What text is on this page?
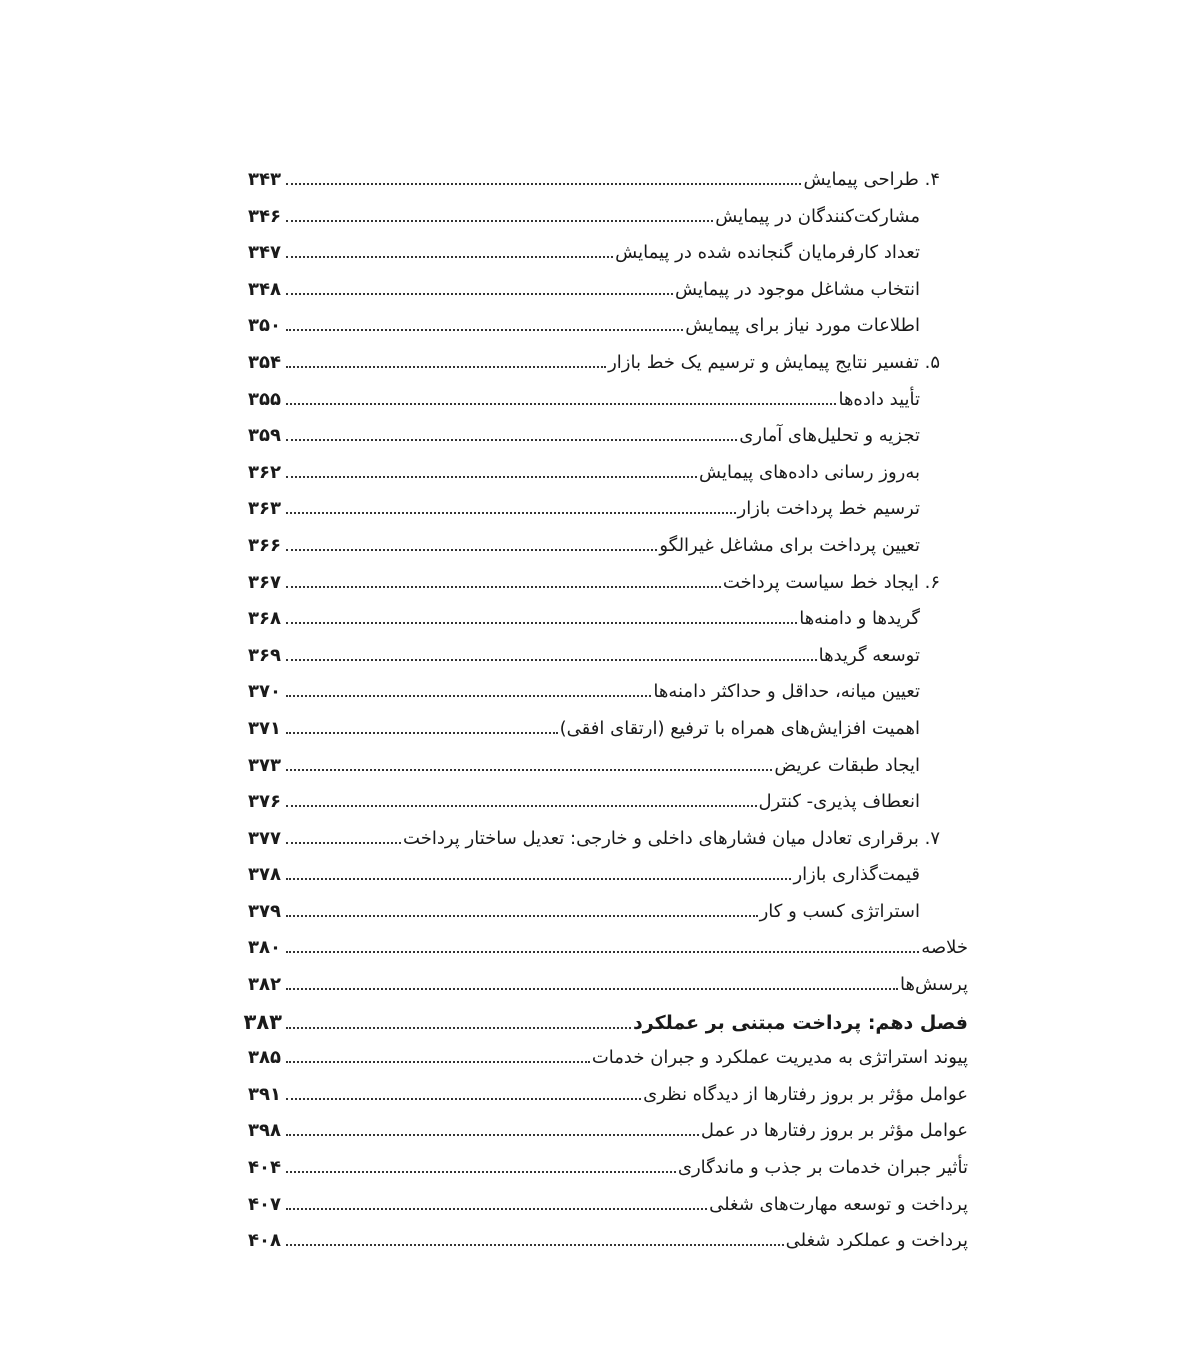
۴. طراحی پیمایش
۳۴۳
مشارکت‌کنندگان در پیمایش
۳۴۶
تعداد کارفرمایان گنجانده شده در پیمایش
۳۴۷
انتخاب مشاغل موجود در پیمایش
۳۴۸
اطلاعات مورد نیاز برای پیمایش
۳۵۰
۵. تفسیر نتایج پیمایش و ترسیم یک خط بازار
۳۵۴
تأیید داده‌ها
۳۵۵
تجزیه و تحلیل‌های آماری
۳۵۹
به‌روز رسانی داده‌های پیمایش
۳۶۲
ترسیم خط پرداخت بازار
۳۶۳
تعیین پرداخت برای مشاغل غیرالگو
۳۶۶
۶. ایجاد خط سیاست پرداخت
۳۶۷
گریدها و دامنه‌ها
۳۶۸
توسعه گریدها
۳۶۹
تعیین میانه، حداقل و حداکثر دامنه‌ها
۳۷۰
اهمیت افزایش‌های همراه با ترفیع (ارتقای افقی)
۳۷۱
ایجاد طبقات عریض
۳۷۳
انعطاف پذیری- کنترل
۳۷۶
۷. برقراری تعادل میان فشارهای داخلی و خارجی: تعدیل ساختار پرداخت
۳۷۷
قیمت‌گذاری بازار
۳۷۸
استراتژی کسب و کار
۳۷۹
خلاصه
۳۸۰
پرسش‌ها
۳۸۲
فصل دهم: پرداخت مبتنی بر عملکرد
۳۸۳
پیوند استراتژی به مدیریت عملکرد و جبران خدمات
۳۸۵
عوامل مؤثر بر بروز رفتارها از دیدگاه نظری
۳۹۱
عوامل مؤثر بر بروز رفتارها در عمل
۳۹۸
تأثیر جبران خدمات بر جذب و ماندگاری
۴۰۴
پرداخت و توسعه مهارت‌های شغلی
۴۰۷
پرداخت و عملکرد شغلی
۴۰۸
